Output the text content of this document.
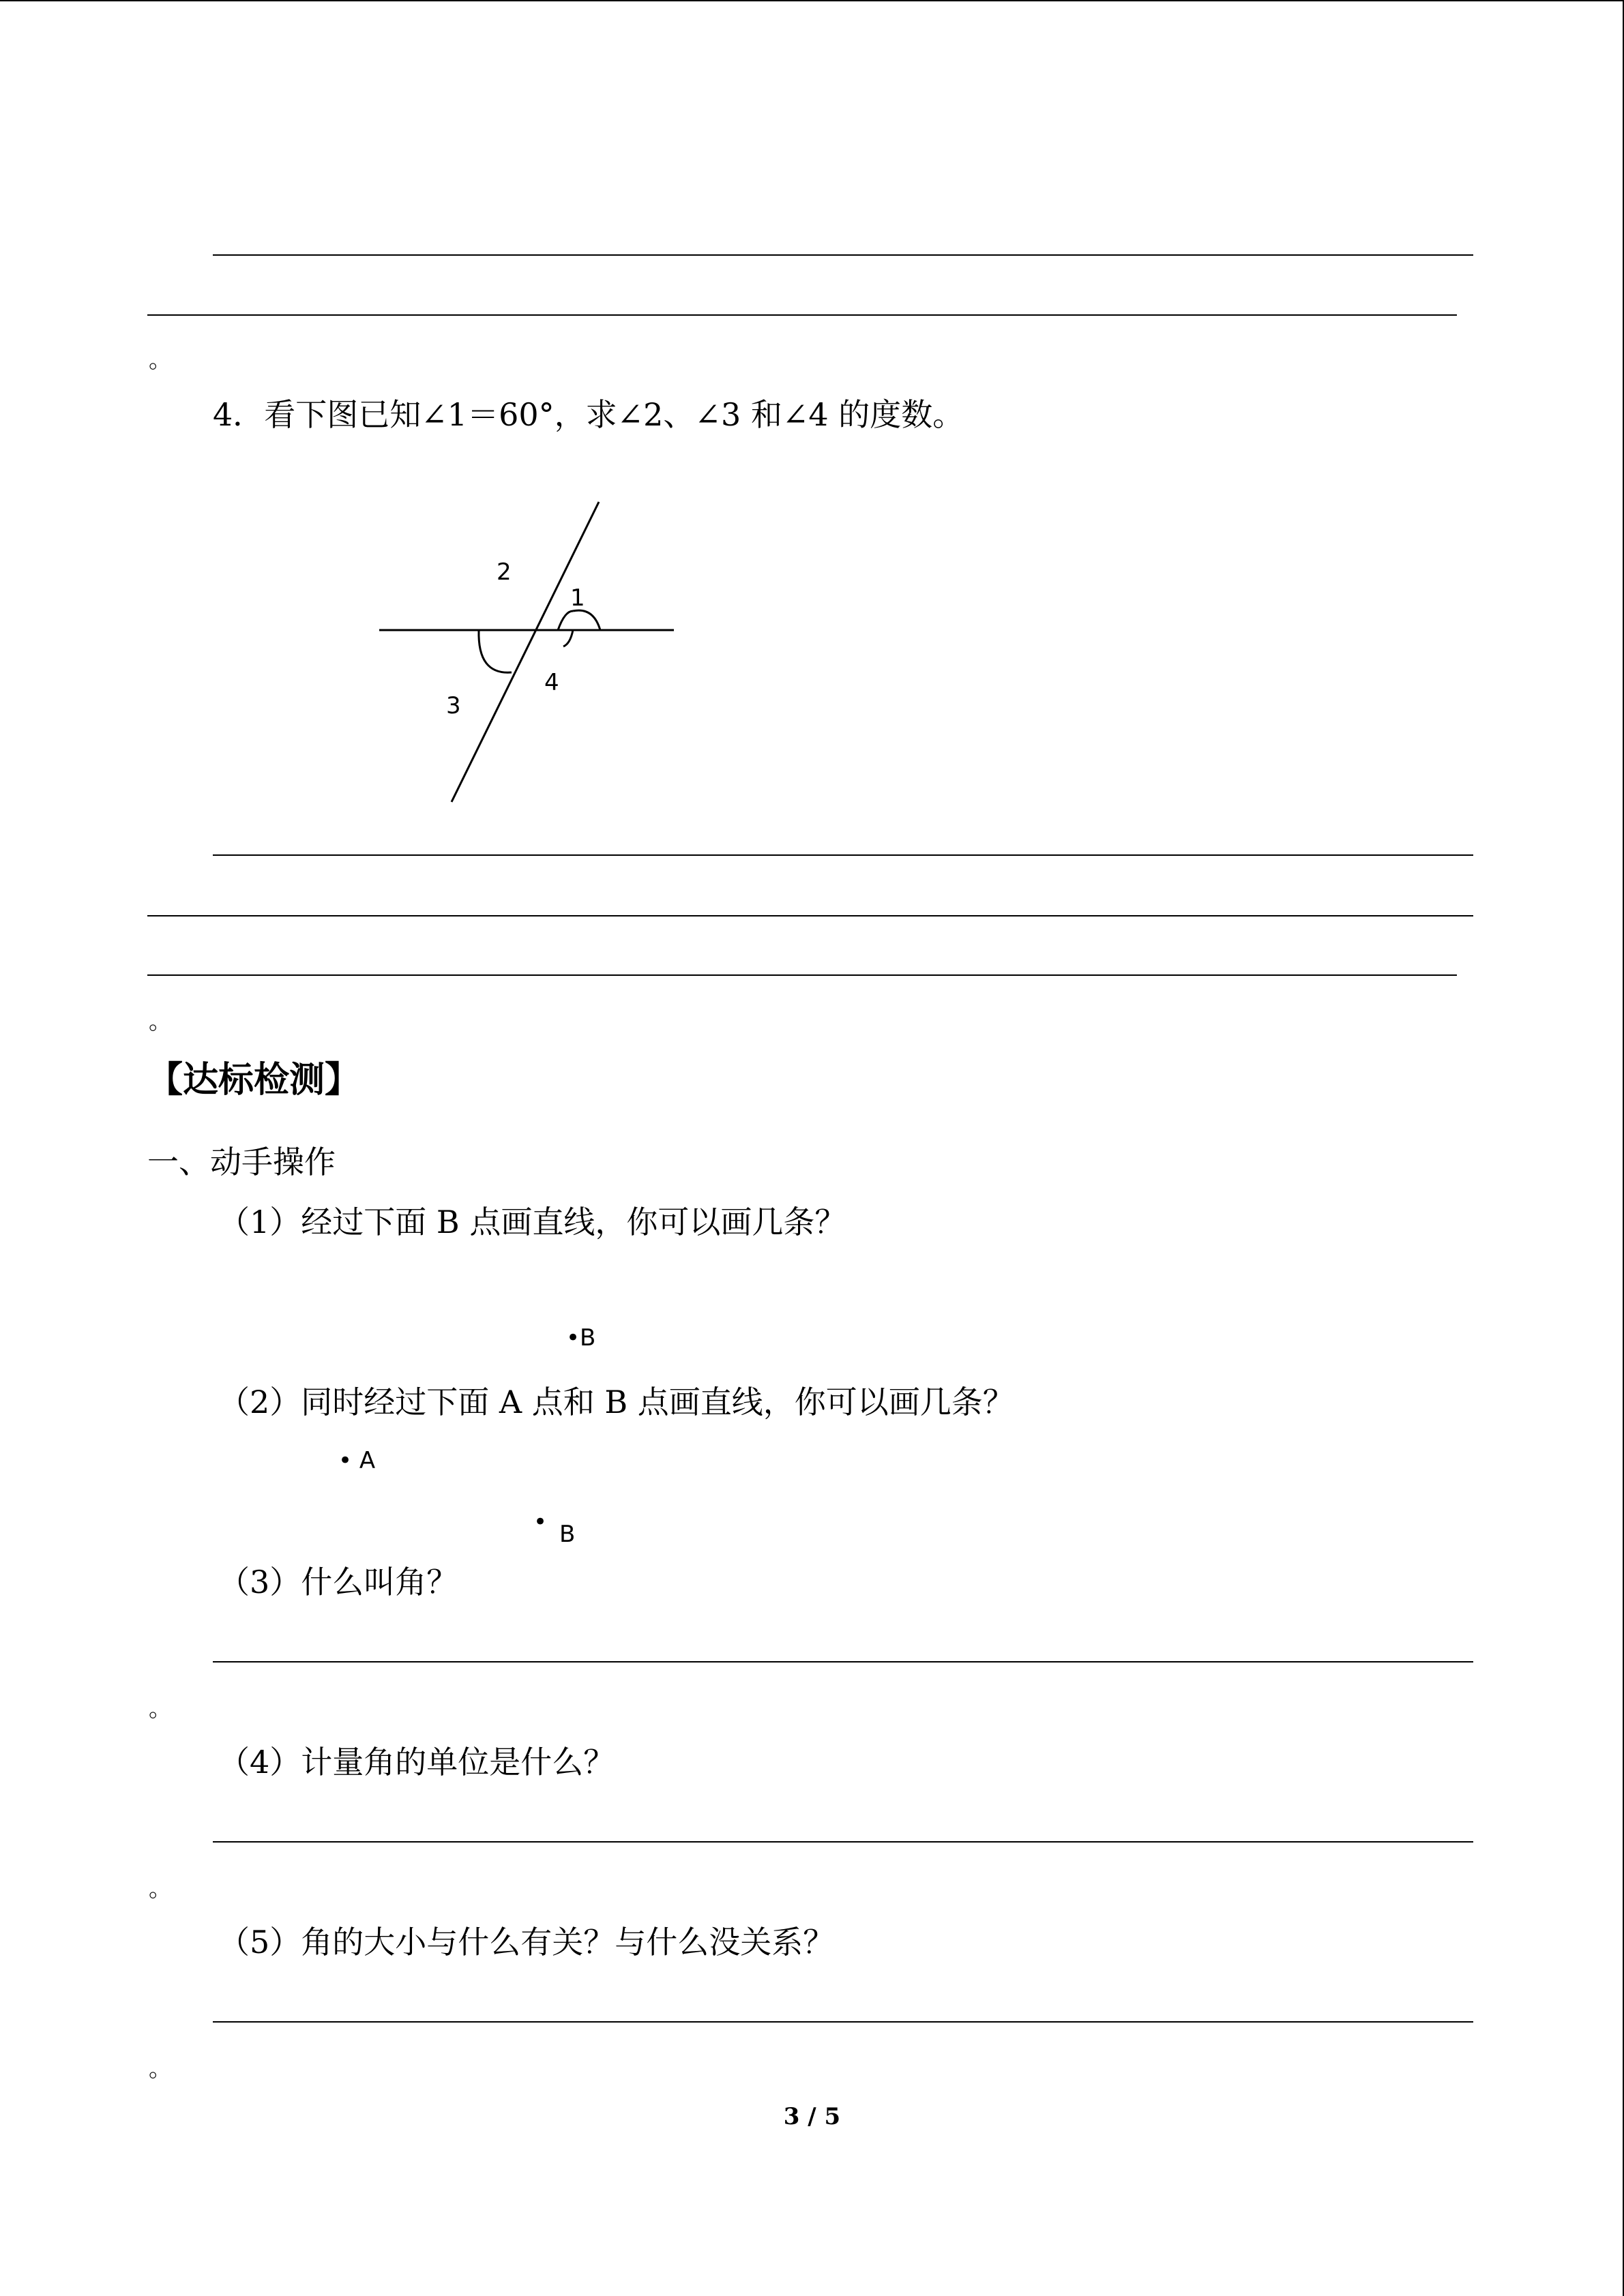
。
4．看下图已知∠1＝60°，求∠2、∠3 和∠4 的度数。
2
1
4
3
。
【达标检测】
一、动手操作
（1）经过下面 B 点画直线，你可以画几条？
•B
（2）同时经过下面 A 点和 B 点画直线，你可以画几条？
• A
• B
（3）什么叫角？
。
（4）计量角的单位是什么？
。
（5）角的大小与什么有关？与什么没关系？
。
3 / 5
